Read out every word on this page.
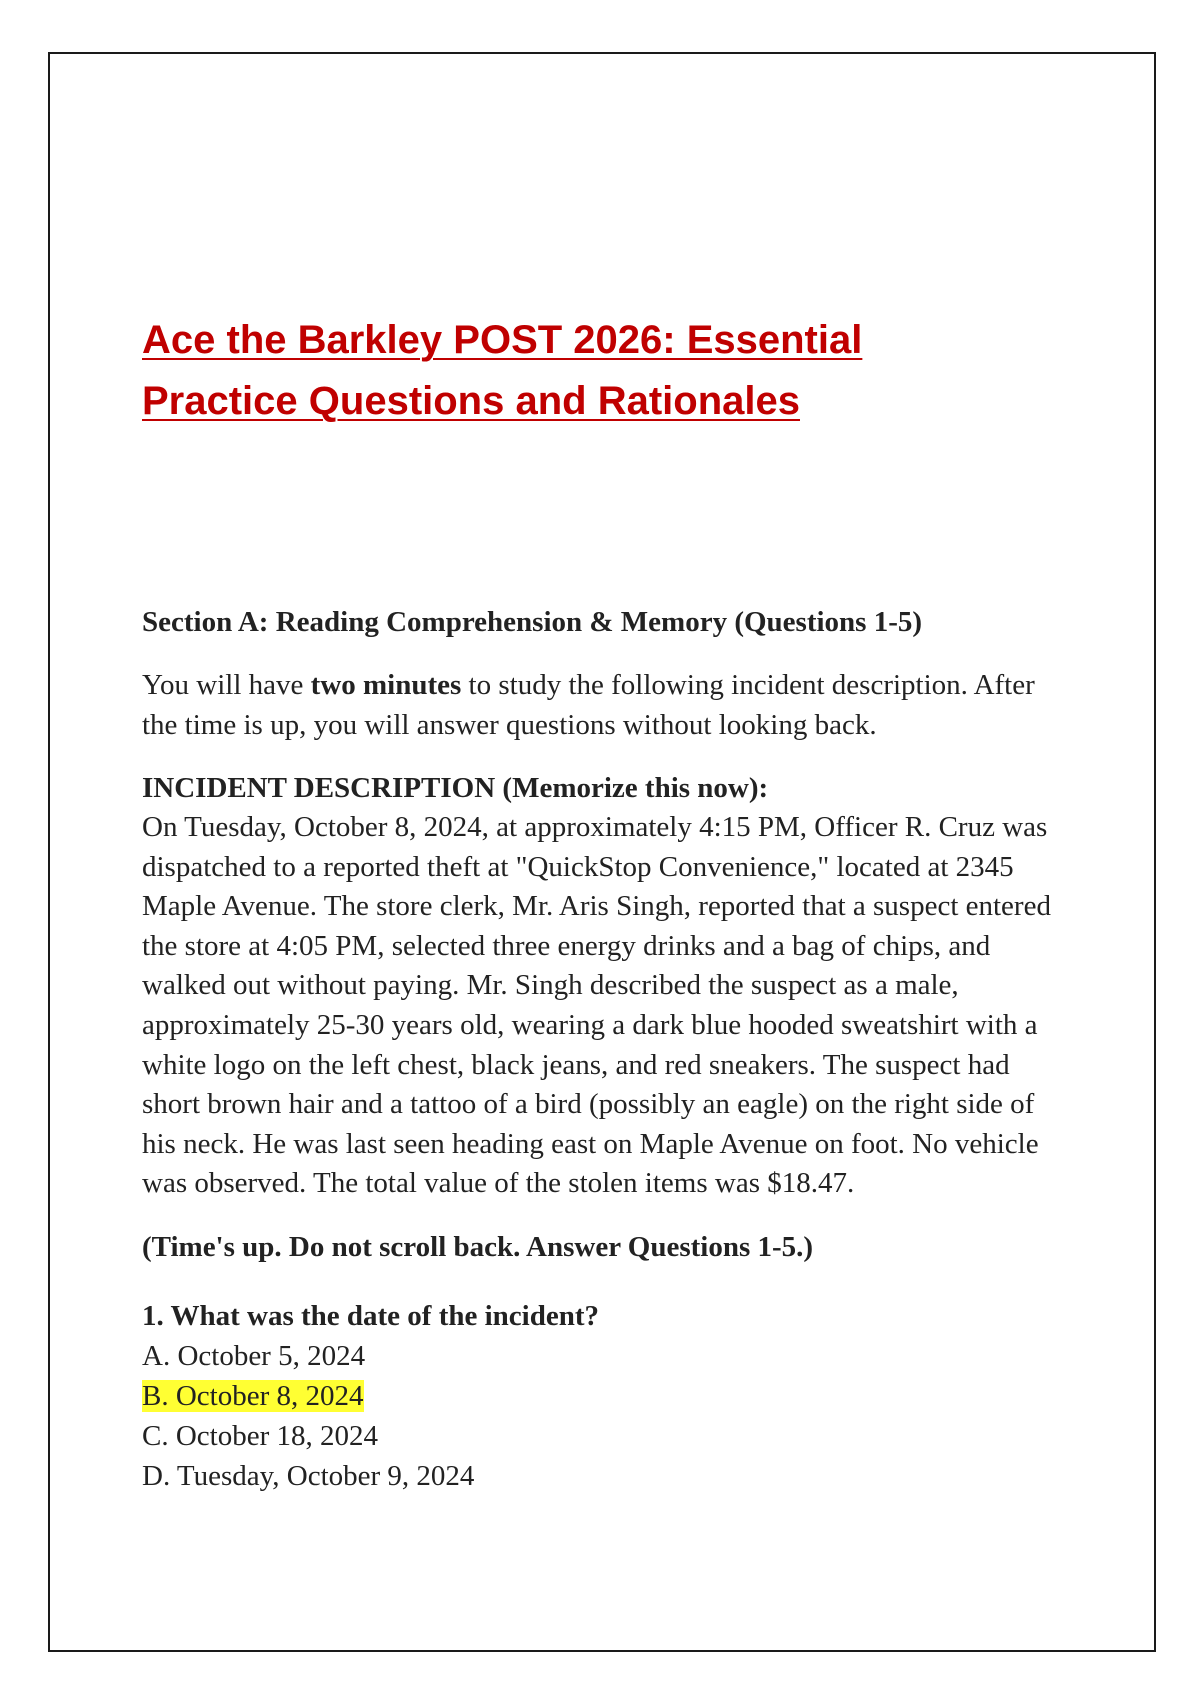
Ace the Barkley POST 2026: Essential
Practice Questions and Rationales

Section A: Reading Comprehension & Memory (Questions 1-5)

You will have two minutes to study the following incident description. After the time is up, you will answer questions without looking back.

INCIDENT DESCRIPTION (Memorize this now):

On Tuesday, October 8, 2024, at approximately 4:15 PM, Officer R. Cruz was dispatched to a reported theft at "QuickStop Convenience," located at 2345 Maple Avenue. The store clerk, Mr. Aris Singh, reported that a suspect entered the store at 4:05 PM, selected three energy drinks and a bag of chips, and walked out without paying. Mr. Singh described the suspect as a male, approximately 25-30 years old, wearing a dark blue hooded sweatshirt with a white logo on the left chest, black jeans, and red sneakers. The suspect had short brown hair and a tattoo of a bird (possibly an eagle) on the right side of his neck. He was last seen heading east on Maple Avenue on foot. No vehicle was observed. The total value of the stolen items was $18.47.

(Time's up. Do not scroll back. Answer Questions 1-5.)

1. What was the date of the incident?

A. October 5, 2024
B. October 8, 2024
C. October 18, 2024
D. Tuesday, October 9, 2024
